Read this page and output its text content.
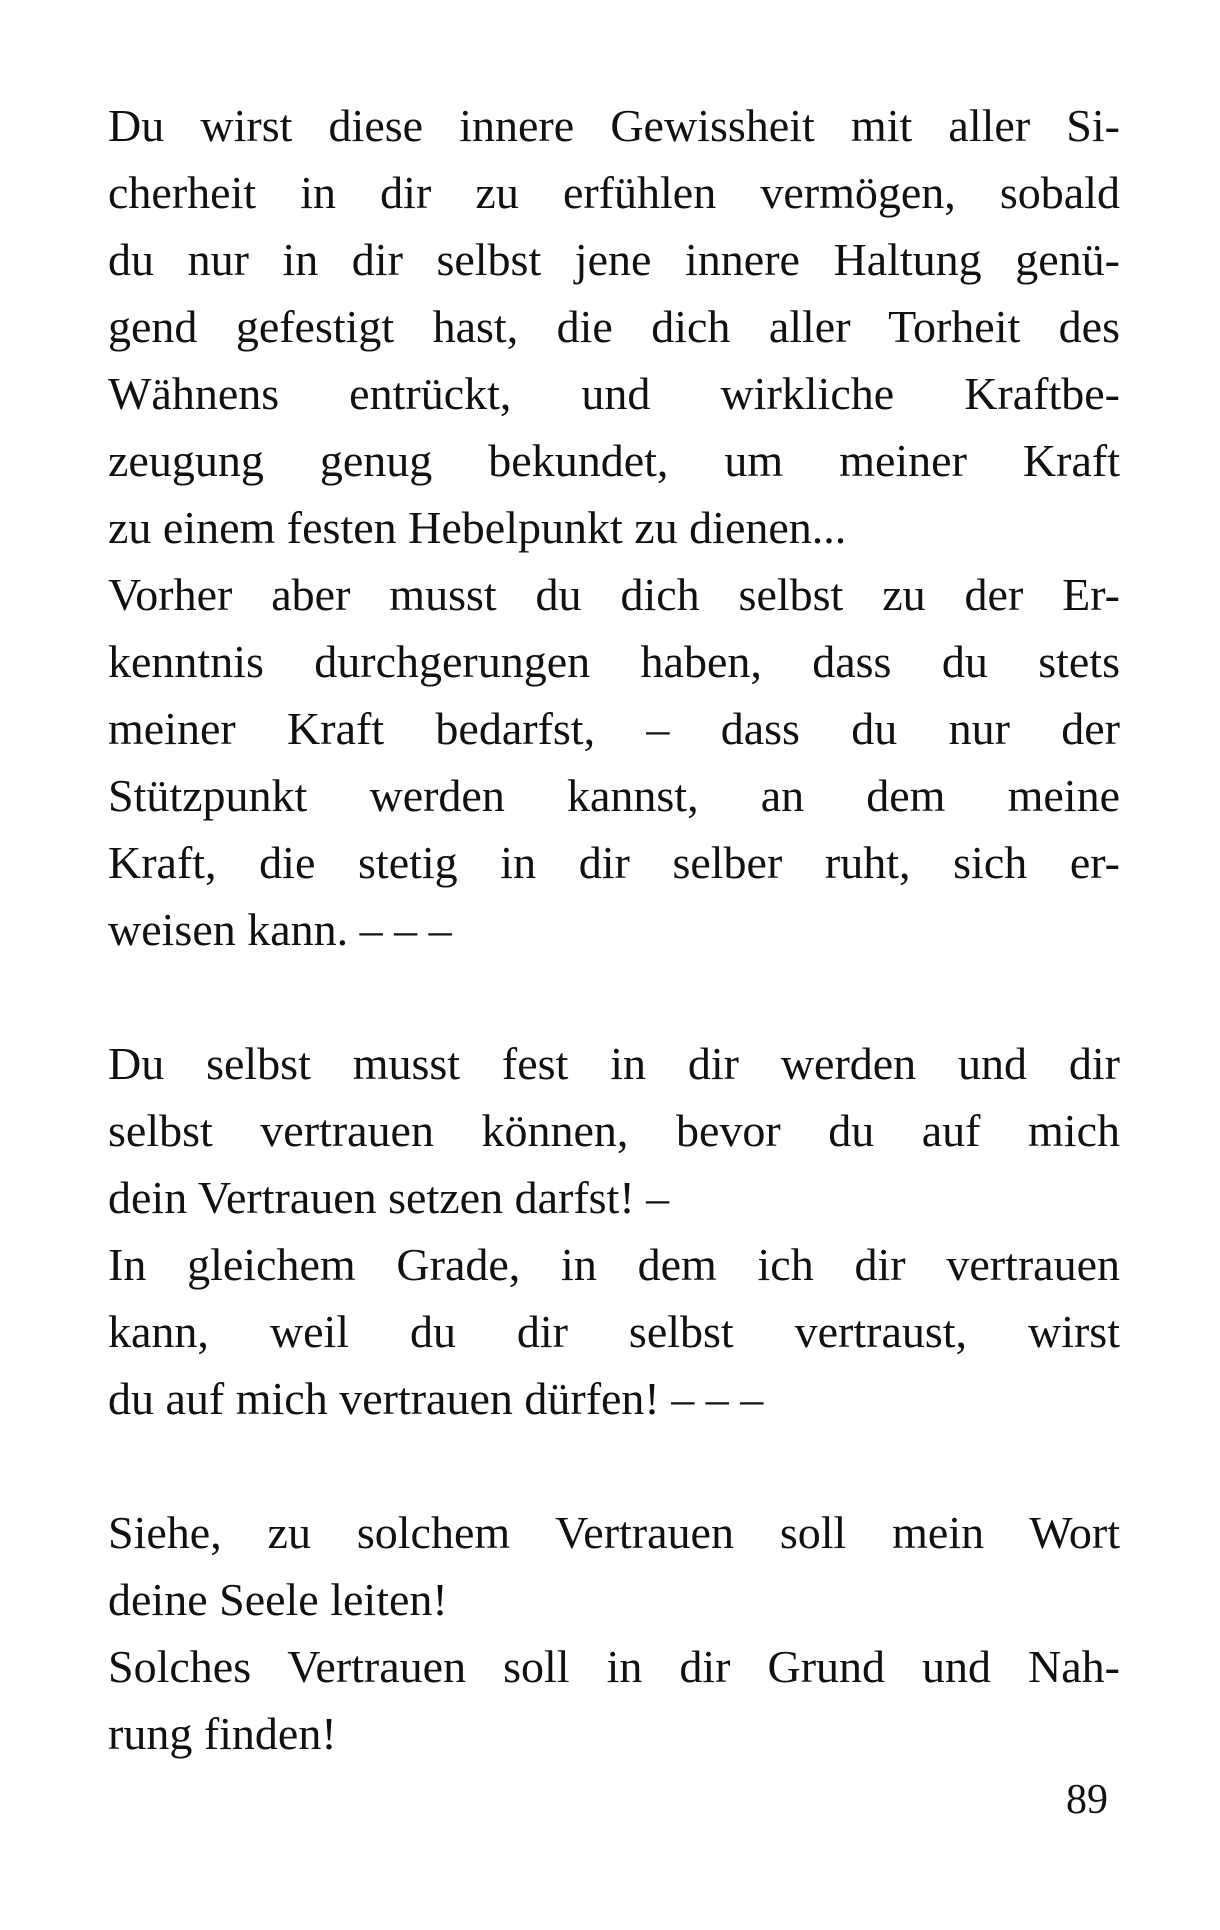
Du wirst diese innere Gewissheit mit aller Si-
cherheit in dir zu erfühlen vermögen, sobald
du nur in dir selbst jene innere Haltung genü-
gend gefestigt hast, die dich aller Torheit des
Wähnens entrückt, und wirkliche Kraftbe-
zeugung genug bekundet, um meiner Kraft
zu einem festen Hebelpunkt zu dienen...
Vorher aber musst du dich selbst zu der Er-
kenntnis durchgerungen haben, dass du stets
meiner Kraft bedarfst, – dass du nur der
Stützpunkt werden kannst, an dem meine
Kraft, die stetig in dir selber ruht, sich er-
weisen kann. – – –
Du selbst musst fest in dir werden und dir
selbst vertrauen können, bevor du auf mich
dein Vertrauen setzen darfst! –
In gleichem Grade, in dem ich dir vertrauen
kann, weil du dir selbst vertraust, wirst
du auf mich vertrauen dürfen! – – –
Siehe, zu solchem Vertrauen soll mein Wort
deine Seele leiten!
Solches Vertrauen soll in dir Grund und Nah-
rung finden!
89
